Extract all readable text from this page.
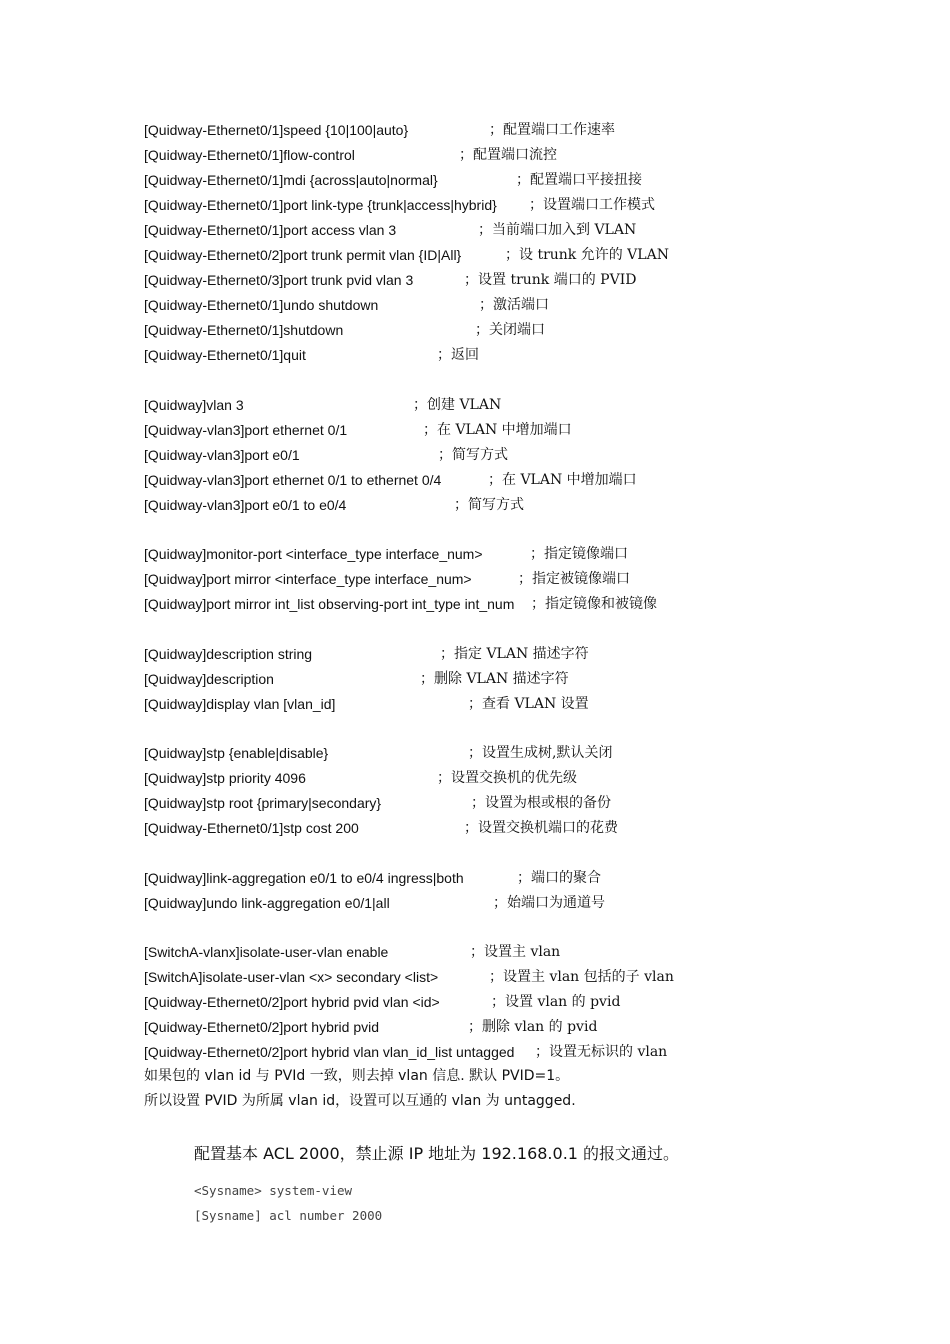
[Quidway-Ethernet0/1]speed {10|100|auto}	；配置端口工作速率
[Quidway-Ethernet0/1]flow-control	；配置端口流控
[Quidway-Ethernet0/1]mdi {across|auto|normal}	；配置端口平接扭接
[Quidway-Ethernet0/1]port link-type {trunk|access|hybrid} ；设置端口工作模式
[Quidway-Ethernet0/1]port access vlan 3	；当前端口加入到 VLAN
[Quidway-Ethernet0/2]port trunk permit vlan {ID|All}	；设 trunk 允许的 VLAN
[Quidway-Ethernet0/3]port trunk pvid vlan 3	；设置 trunk 端口的 PVID
[Quidway-Ethernet0/1]undo shutdown	；激活端口
[Quidway-Ethernet0/1]shutdown	；关闭端口
[Quidway-Ethernet0/1]quit	；返回
[Quidway]vlan 3	；创建 VLAN
[Quidway-vlan3]port ethernet 0/1	；在 VLAN 中增加端口
[Quidway-vlan3]port e0/1	；简写方式
[Quidway-vlan3]port ethernet 0/1 to ethernet 0/4	；在 VLAN 中增加端口
[Quidway-vlan3]port e0/1 to e0/4	；简写方式
[Quidway]monitor-port <interface_type interface_num>	；指定镜像端口
[Quidway]port mirror <interface_type interface_num>	；指定被镜像端口
[Quidway]port mirror int_list observing-port int_type int_num ；指定镜像和被镜像
[Quidway]description string	；指定 VLAN 描述字符
[Quidway]description	；删除 VLAN 描述字符
[Quidway]display vlan [vlan_id]	；查看 VLAN 设置
[Quidway]stp {enable|disable}	；设置生成树,默认关闭
[Quidway]stp priority 4096	；设置交换机的优先级
[Quidway]stp root {primary|secondary}	；设置为根或根的备份
[Quidway-Ethernet0/1]stp cost 200	；设置交换机端口的花费
[Quidway]link-aggregation e0/1 to e0/4 ingress|both	；端口的聚合
[Quidway]undo link-aggregation e0/1|all	；始端口为通道号
[SwitchA-vlanx]isolate-user-vlan enable	；设置主 vlan
[SwitchA]isolate-user-vlan <x> secondary <list>	；设置主 vlan 包括的子 vlan
[Quidway-Ethernet0/2]port hybrid pvid vlan <id>	；设置 vlan 的 pvid
[Quidway-Ethernet0/2]port hybrid pvid	；删除 vlan 的 pvid
[Quidway-Ethernet0/2]port hybrid vlan vlan_id_list untagged ；设置无标识的 vlan
如果包的 vlan id 与 PVId 一致，则去掉 vlan 信息. 默认 PVID=1。
所以设置 PVID 为所属 vlan id，设置可以互通的 vlan 为 untagged.
配置基本 ACL 2000，禁止源 IP 地址为 192.168.0.1 的报文通过。
<Sysname> system-view
[Sysname] acl number 2000
